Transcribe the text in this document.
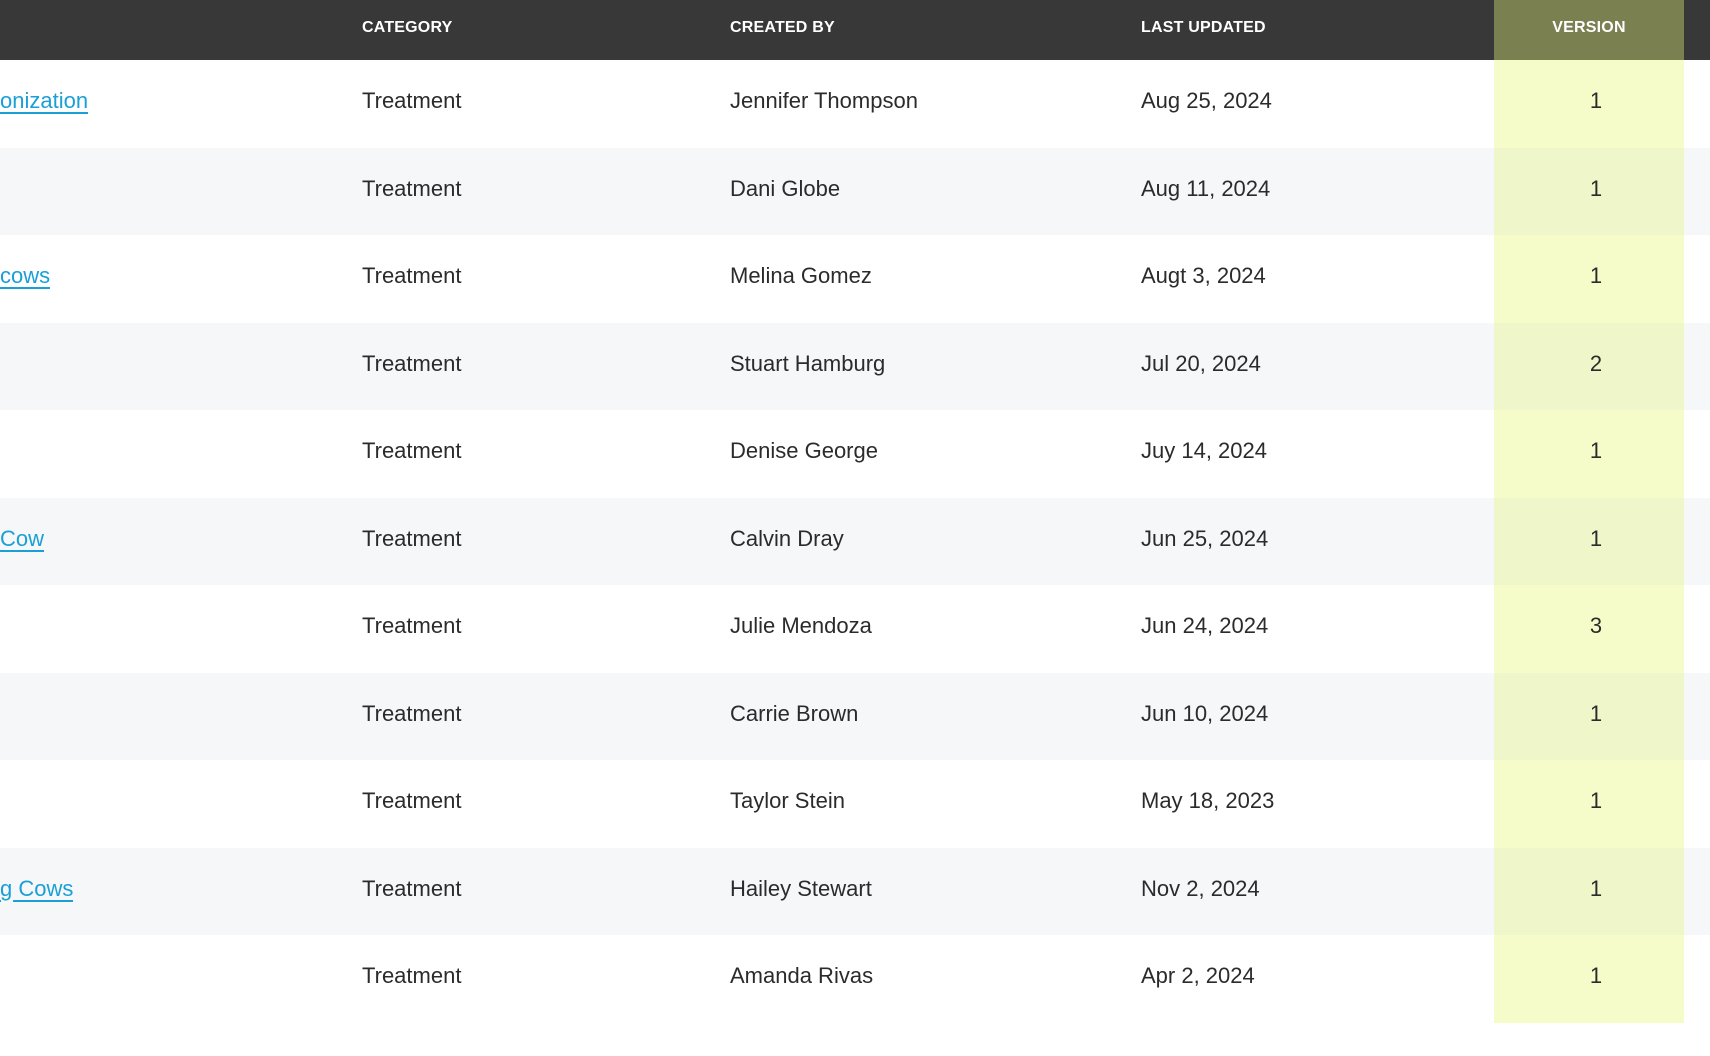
CATEGORY	CREATED BY	LAST UPDATED	VERSION
onization	Treatment	Jennifer Thompson	Aug 25, 2024	1
Treatment	Dani Globe	Aug 11, 2024	1
cows	Treatment	Melina Gomez	Augt 3, 2024	1
Treatment	Stuart Hamburg	Jul 20, 2024	2
Treatment	Denise George	Juy 14, 2024	1
Cow	Treatment	Calvin Dray	Jun 25, 2024	1
Treatment	Julie Mendoza	Jun 24, 2024	3
Treatment	Carrie Brown	Jun 10, 2024	1
Treatment	Taylor Stein	May 18, 2023	1
g Cows	Treatment	Hailey Stewart	Nov 2, 2024	1
Treatment	Amanda Rivas	Apr 2, 2024	1
